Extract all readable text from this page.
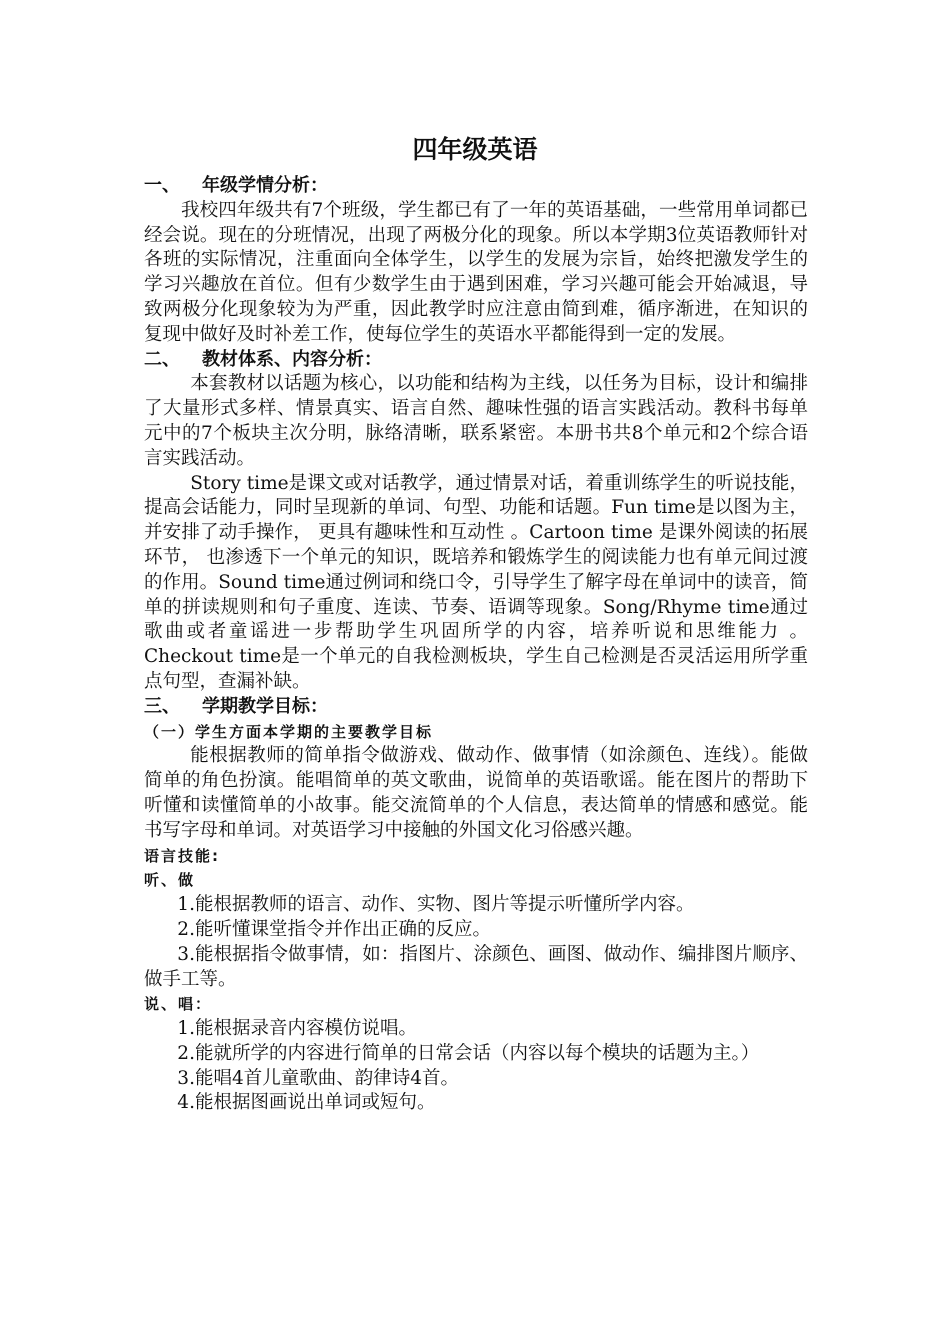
四年级英语
一、 年级学情分析：

我校四年级共有7个班级，学生都已有了一年的英语基础，一些常用单词都已经会说。现在的分班情况，出现了两极分化的现象。所以本学期3位英语教师针对各班的实际情况，注重面向全体学生，以学生的发展为宗旨，始终把激发学生的学习兴趣放在首位。但有少数学生由于遇到困难，学习兴趣可能会开始减退，导致两极分化现象较为为严重，因此教学时应注意由简到难，循序渐进，在知识的复现中做好及时补差工作，使每位学生的英语水平都能得到一定的发展。

二、 教材体系、内容分析：

本套教材以话题为核心，以功能和结构为主线，以任务为目标，设计和编排了大量形式多样、情景真实、语言自然、趣味性强的语言实践活动。教科书每单元中的7个板块主次分明，脉络清晰，联系紧密。本册书共8个单元和2个综合语言实践活动。

Story time是课文或对话教学，通过情景对话，着重训练学生的听说技能，提高会话能力，同时呈现新的单词、句型、功能和话题。Fun time是以图为主， 并安排了动手操作， 更具有趣味性和互动性 。Cartoon time 是课外阅读的拓展环节， 也渗透下一个单元的知识，既培养和锻炼学生的阅读能力也有单元间过渡的作用。Sound time通过例词和绕口令，引导学生了解字母在单词中的读音，简单的拼读规则和句子重度、连读、节奏、语调等现象。Song/Rhyme time通过歌曲或者童谣进一步帮助学生巩固所学的内容，培养听说和思维能力 。Checkout time是一个单元的自我检测板块，学生自己检测是否灵活运用所学重点句型，查漏补缺。

三、 学期教学目标：
（一）学生方面本学期的主要教学目标

能根据教师的简单指令做游戏、做动作、做事情（如涂颜色、连线）。能做简单的角色扮演。能唱简单的英文歌曲，说简单的英语歌谣。能在图片的帮助下听懂和读懂简单的小故事。能交流简单的个人信息，表达简单的情感和感觉。能书写字母和单词。对英语学习中接触的外国文化习俗感兴趣。

语言技能:
听、做

1.能根据教师的语言、动作、实物、图片等提示听懂所学内容。

2.能听懂课堂指令并作出正确的反应。

3.能根据指令做事情，如：指图片、涂颜色、画图、做动作、编排图片顺序、做手工等。

说、唱：

1.能根据录音内容模仿说唱。

2.能就所学的内容进行简单的日常会话（内容以每个模块的话题为主。）

3.能唱4首儿童歌曲、韵律诗4首。

4.能根据图画说出单词或短句。
